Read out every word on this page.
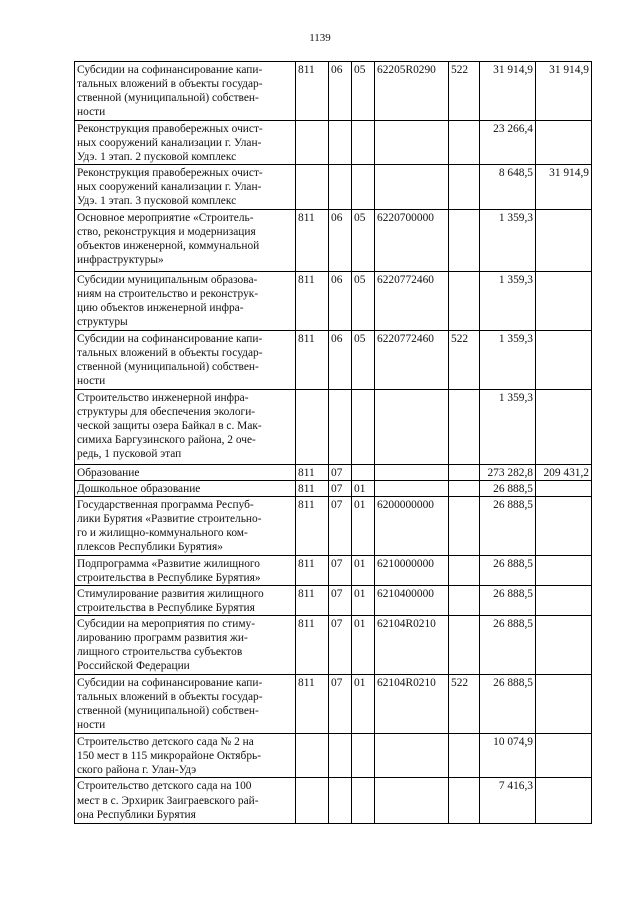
1139
Субсидии на софинансирование капи-
тальных вложений в объекты государ-
ственной (муниципальной) собствен-
ности	811	06	05	62205R0290	522	31 914,9	31 914,9
Реконструкция правобережных очист-
ных сооружений канализации г. Улан-
Удэ. 1 этап. 2 пусковой комплекс						23 266,4	
Реконструкция правобережных очист-
ных сооружений канализации г. Улан-
Удэ. 1 этап. 3 пусковой комплекс						8 648,5	31 914,9
Основное мероприятие «Строитель-
ство, реконструкция и модернизация
объектов инженерной, коммунальной
инфраструктуры»	811	06	05	6220700000		1 359,3	
Субсидии муниципальным образова-
ниям на строительство и реконструк-
цию объектов инженерной инфра-
структуры	811	06	05	6220772460		1 359,3	
Субсидии на софинансирование капи-
тальных вложений в объекты государ-
ственной (муниципальной) собствен-
ности	811	06	05	6220772460	522	1 359,3	
Строительство инженерной инфра-
структуры для обеспечения экологи-
ческой защиты озера Байкал в с. Мак-
симиха Баргузинского района, 2 оче-
редь, 1 пусковой этап						1 359,3	
Образование	811	07				273 282,8	209 431,2
Дошкольное образование	811	07	01			26 888,5	
Государственная программа Респуб-
лики Бурятия «Развитие строительно-
го и жилищно-коммунального ком-
плексов Республики Бурятия»	811	07	01	6200000000		26 888,5	
Подпрограмма «Развитие жилищного
строительства в Республике Бурятия»	811	07	01	6210000000		26 888,5	
Стимулирование развития жилищного
строительства в Республике Бурятия	811	07	01	6210400000		26 888,5	
Субсидии на мероприятия по стиму-
лированию программ развития жи-
лищного строительства субъектов
Российской Федерации	811	07	01	62104R0210		26 888,5	
Субсидии на софинансирование капи-
тальных вложений в объекты государ-
ственной (муниципальной) собствен-
ности	811	07	01	62104R0210	522	26 888,5	
Строительство детского сада № 2 на
150 мест в 115 микрорайоне Октябрь-
ского района г. Улан-Удэ						10 074,9	
Строительство детского сада на 100
мест в с. Эрхирик Заиграевского рай-
она Республики Бурятия						7 416,3	
